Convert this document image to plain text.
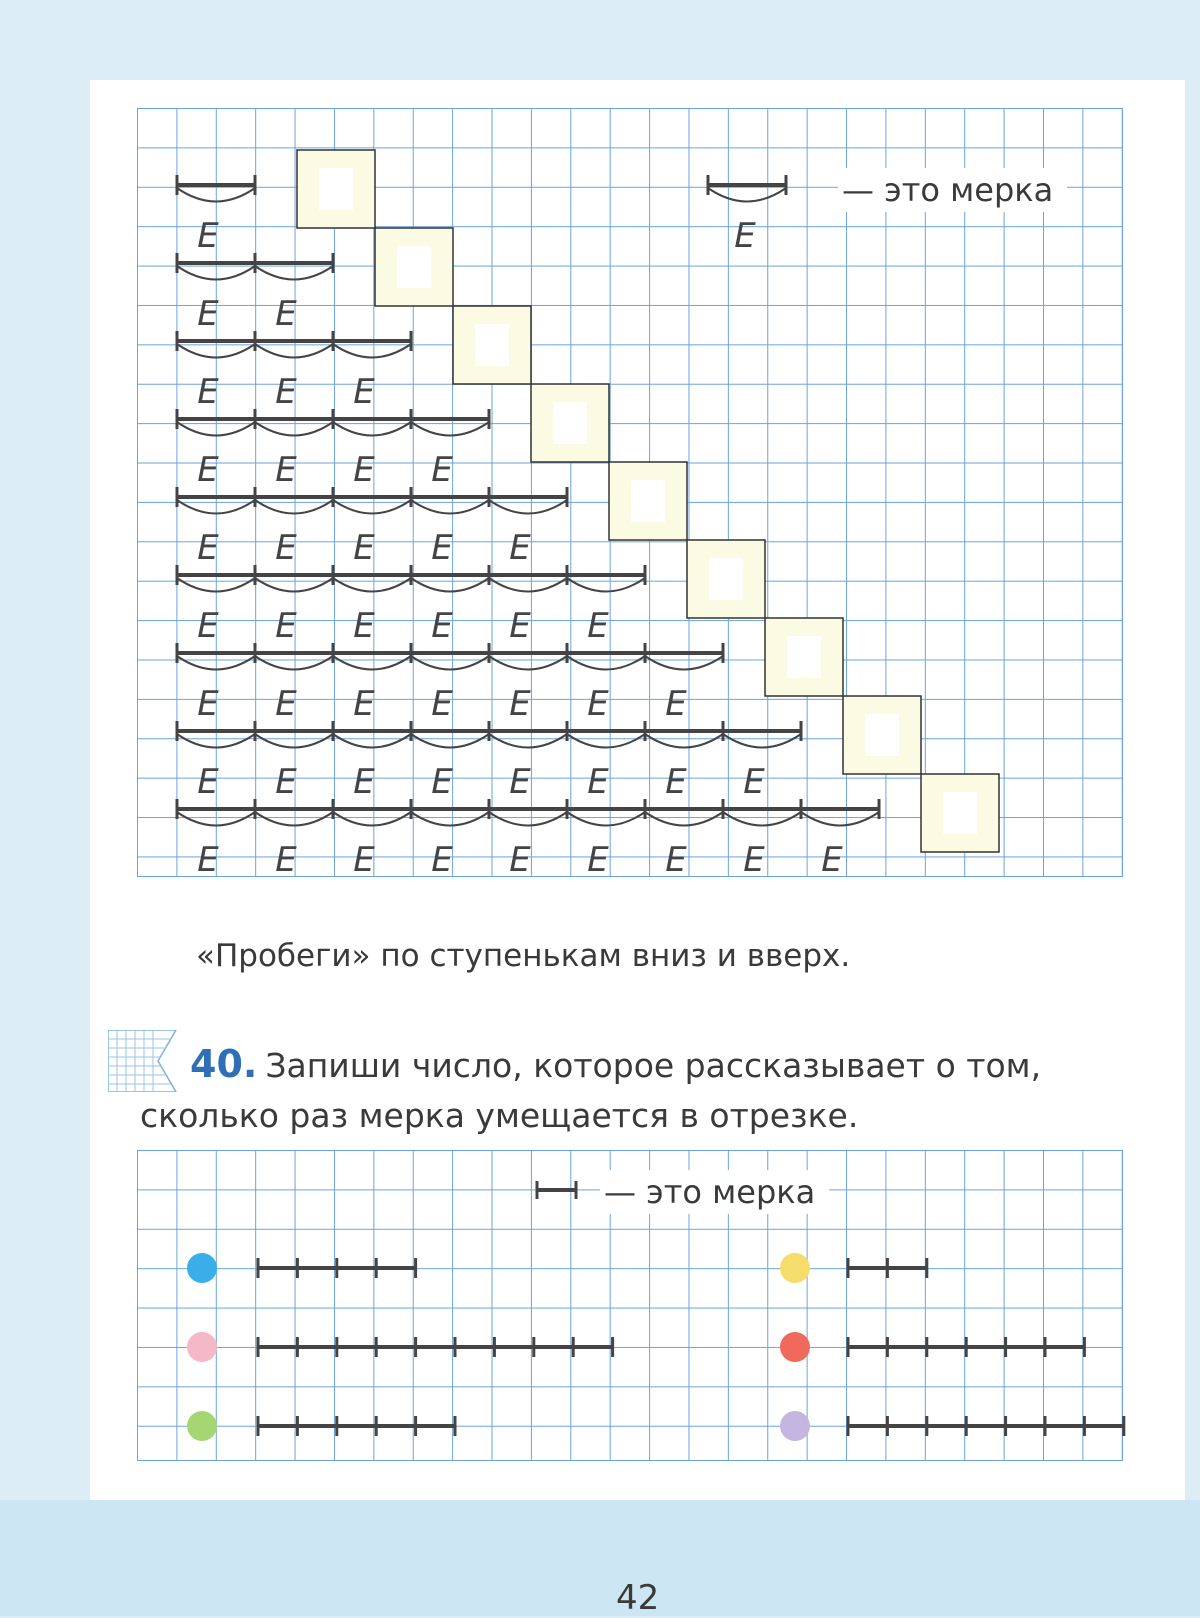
Е
Е
Е Е
Е Е Е
Е Е Е Е
Е Е Е Е Е
Е Е Е Е Е Е
Е Е Е Е Е Е Е
Е Е Е Е Е Е Е Е
Е Е Е Е Е Е Е Е Е

— это мерка

«Пробеги» по ступенькам вниз и вверх.

40. Запиши число, которое рассказывает о том,

сколько раз мерка умещается в отрезке.

— это мерка

42
